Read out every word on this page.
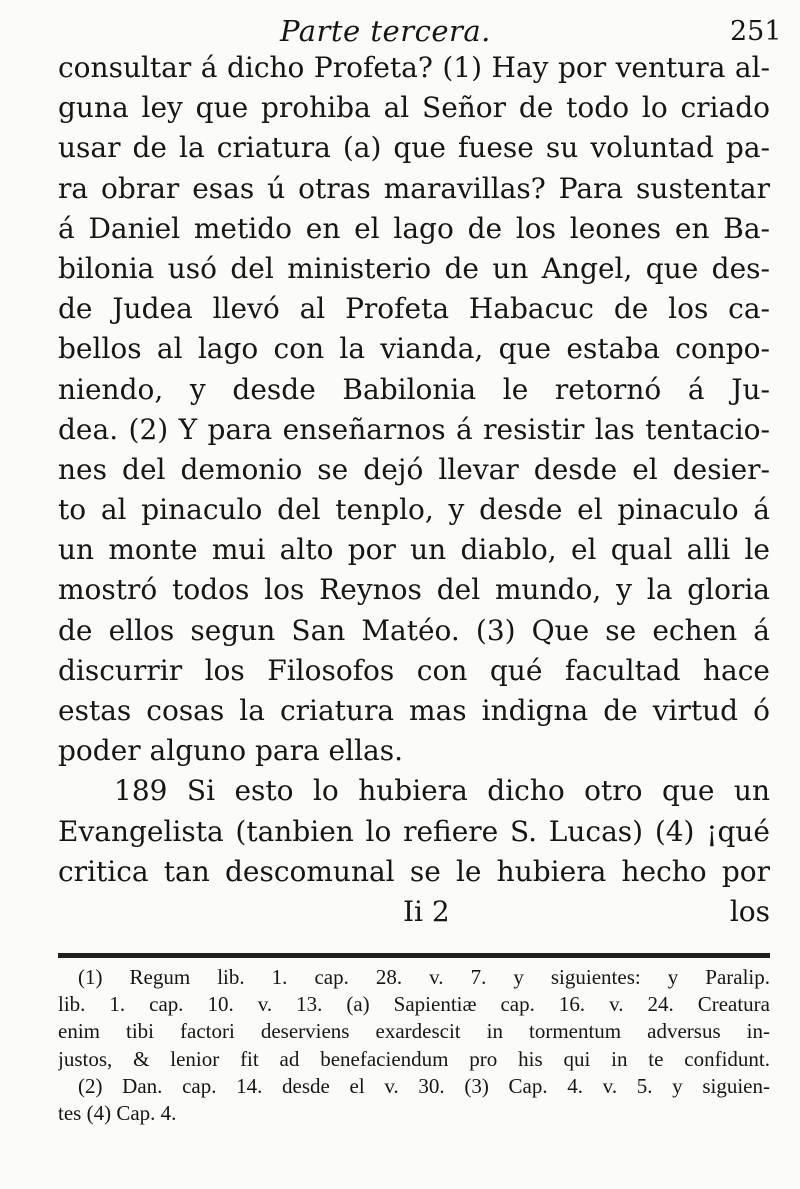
Parte tercera.	251
consultar á dicho Profeta? (1) Hay por ventura al-
guna ley que prohiba al Señor de todo lo criado
usar de la criatura (a) que fuese su voluntad pa-
ra obrar esas ú otras maravillas? Para sustentar
á Daniel metido en el lago de los leones en Ba-
bilonia usó del ministerio de un Angel, que des-
de Judea llevó al Profeta Habacuc de los ca-
bellos al lago con la vianda, que estaba conpo-
niendo, y desde Babilonia le retornó á Ju-
dea. (2) Y para enseñarnos á resistir las tentacio-
nes del demonio se dejó llevar desde el desier-
to al pinaculo del tenplo, y desde el pinaculo á
un monte mui alto por un diablo, el qual alli le
mostró todos los Reynos del mundo, y la gloria
de ellos segun San Matéo. (3) Que se echen á
discurrir los Filosofos con qué facultad hace
estas cosas la criatura mas indigna de virtud ó
poder alguno para ellas.
189 Si esto lo hubiera dicho otro que un
Evangelista (tanbien lo refiere S. Lucas) (4) ¡qué
critica tan descomunal se le hubiera hecho por
Ii 2	los
(1) Regum lib. 1. cap. 28. v. 7. y siguientes: y Paralip.
lib. 1. cap. 10. v. 13. (a) Sapientiæ cap. 16. v. 24. Creatura
enim tibi factori deserviens exardescit in tormentum adversus in-
justos, & lenior fit ad benefaciendum pro his qui in te confidunt.
(2) Dan. cap. 14. desde el v. 30. (3) Cap. 4. v. 5. y siguien-
tes (4) Cap. 4.
